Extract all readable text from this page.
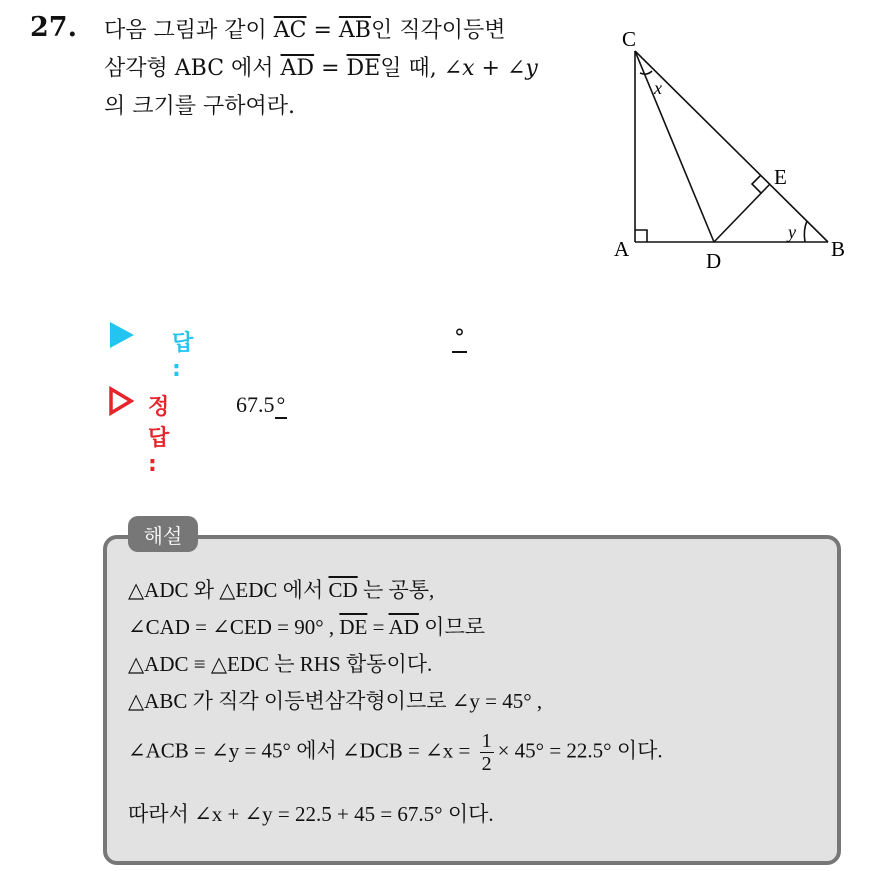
27. 다음 그림과 같이 $\overline{AC} = \overline{AB}$인 직각이등변
삼각형 ABC 에서 $\overline{AD} = \overline{DE}$일 때, ∠x + ∠y
의 크기를 구하여라.
C
A	D	B
E
x
y
답 :
°
정답 :
67.5°
해설
△ADC 와 △EDC 에서 $\overline{CD}$ 는 공통,
∠CAD = ∠CED = 90° , $\overline{DE} = \overline{AD}$ 이므로
△ADC ≡ △EDC 는 RHS 합동이다.
△ABC 가 직각 이등변삼각형이므로 ∠y = 45° ,
∠ACB = ∠y = 45° 에서 ∠DCB = ∠x = $\frac{1}{2} \times 45^\circ = 22.5^\circ$ 이다.
따라서 ∠x + ∠y = 22.5 + 45 = 67.5° 이다.
